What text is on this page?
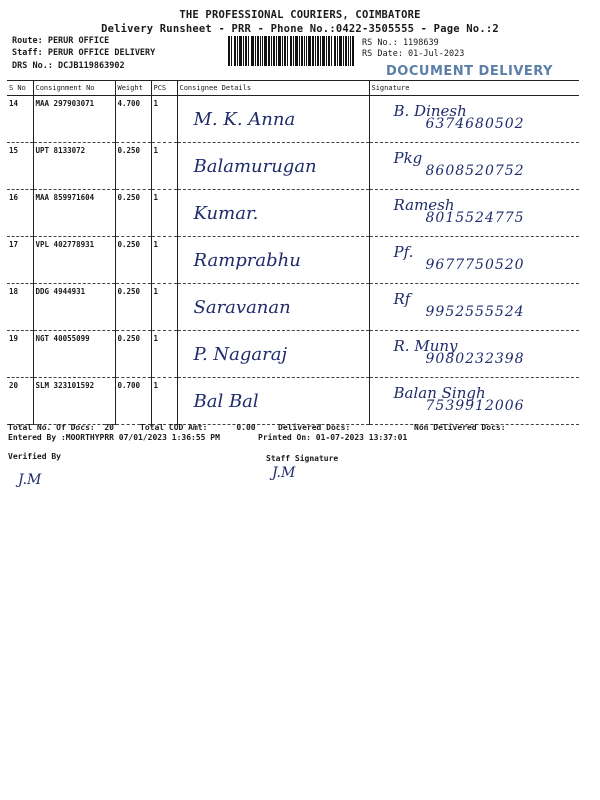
THE PROFESSIONAL COURIERS, COIMBATORE
Delivery Runsheet - PRR - Phone No.:0422-3505555 - Page No.:2
Route: PERUR OFFICE
Staff: PERUR OFFICE DELIVERY
DRS No.: DCJB119863902
RS No.: 1198639
RS Date: 01-Jul-2023
DOCUMENT DELIVERY
S No	Consignment No	Weight	PCS	Consignee Details	Signature
14	MAA 297903071	4.700	1	M. K. Anna	B. Dinesh
6374680502

15	UPT 8133072	0.250	1	Balamurugan	Pkg
8608520752

16	MAA 859971604	0.250	1	Kumar.	Ramesh
8015524775

17	VPL 402778931	0.250	1	Ramprabhu	Pf.
9677750520

18	DDG 4944931	0.250	1	Saravanan	Rf
9952555524

19	NGT 40055099	0.250	1	P. Nagaraj	R. Muny
9080232398

20	SLM 323101592	0.700	1	Bal Bal	Balan Singh
7539912006
Total No. Of Docs:  20	Total COD Amt:      0.00	Delivered Docs:	Non Delivered Docs:
Entered By :MOORTHYPRR 07/01/2023 1:36:55 PM	Printed On: 01-07-2023 13:37:01
Verified By	Staff Signature
J.M	J.M
